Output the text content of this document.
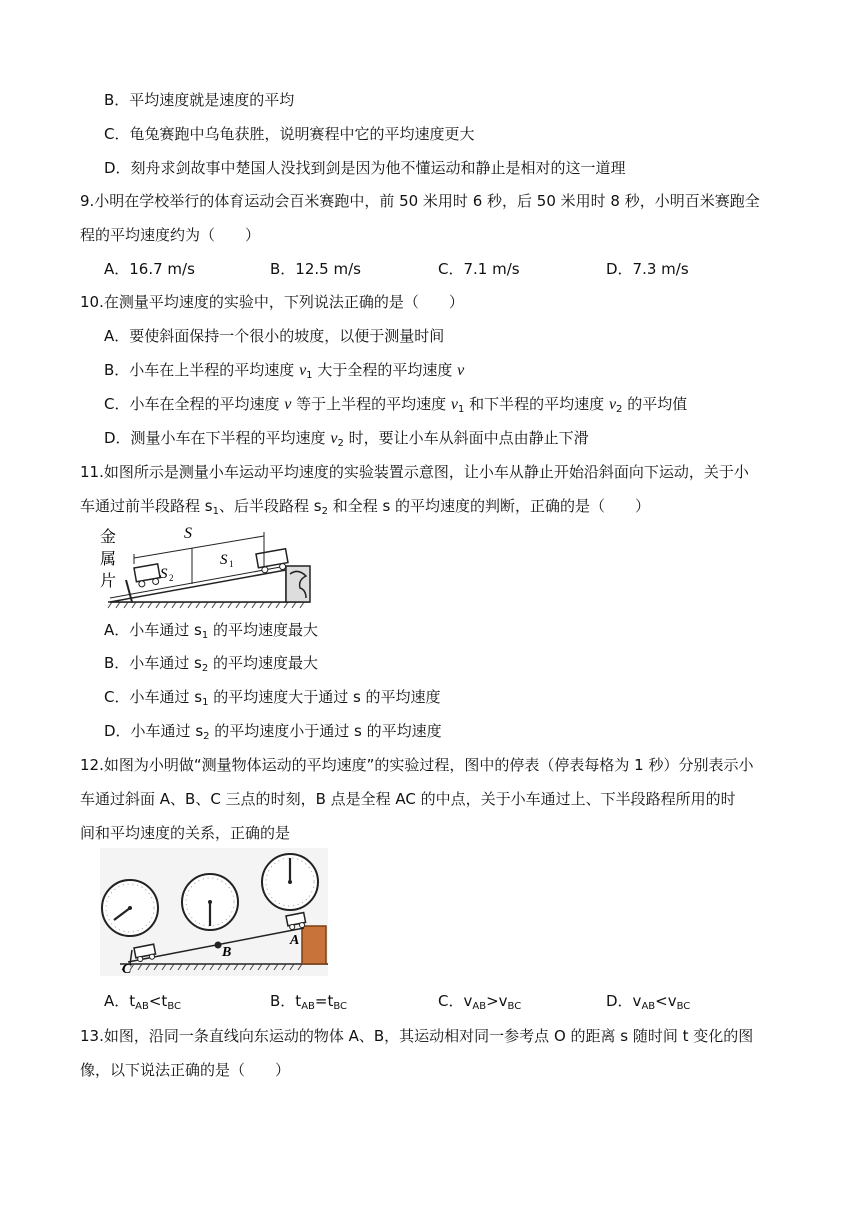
B．平均速度就是速度的平均
C．龟兔赛跑中乌龟获胜，说明赛程中它的平均速度更大
D．刻舟求剑故事中楚国人没找到剑是因为他不懂运动和静止是相对的这一道理
9.小明在学校举行的体育运动会百米赛跑中，前 50 米用时 6 秒，后 50 米用时 8 秒，小明百米赛跑全
程的平均速度约为（　　）
A．16.7 m/s	B．12.5 m/s	C．7.1 m/s	D．7.3 m/s
10.在测量平均速度的实验中，下列说法正确的是（　　）
A．要使斜面保持一个很小的坡度，以便于测量时间
B．小车在上半程的平均速度 $v_1$ 大于全程的平均速度 v
C．小车在全程的平均速度 v 等于上半程的平均速度 $v_1$ 和下半程的平均速度 $v_2$ 的平均值
D．测量小车在下半程的平均速度 $v_2$ 时，要让小车从斜面中点由静止下滑
11.如图所示是测量小车运动平均速度的实验装置示意图，让小车从静止开始沿斜面向下运动，关于小
车通过前半段路程 $s_1$、后半段路程 $s_2$ 和全程 s 的平均速度的判断，正确的是（　　）
金
属
片
S
S 1
S 2
A．小车通过 $s_1$ 的平均速度最大
B．小车通过 $s_2$ 的平均速度最大
C．小车通过 $s_1$ 的平均速度大于通过 s 的平均速度
D．小车通过 $s_2$ 的平均速度小于通过 s 的平均速度
12.如图为小明做“测量物体运动的平均速度”的实验过程，图中的停表（停表每格为 1 秒）分别表示小
车通过斜面 A、B、C 三点的时刻，B 点是全程 AC 的中点，关于小车通过上、下半段路程所用的时
间和平均速度的关系，正确的是
A
B
C
A．$t_{AB}<t_{BC}$	B．$t_{AB}=t_{BC}$	C．$v_{AB}>v_{BC}$	D．$v_{AB}<v_{BC}$
13.如图，沿同一条直线向东运动的物体 A、B，其运动相对同一参考点 O 的距离 s 随时间 t 变化的图
像，以下说法正确的是（　　）
